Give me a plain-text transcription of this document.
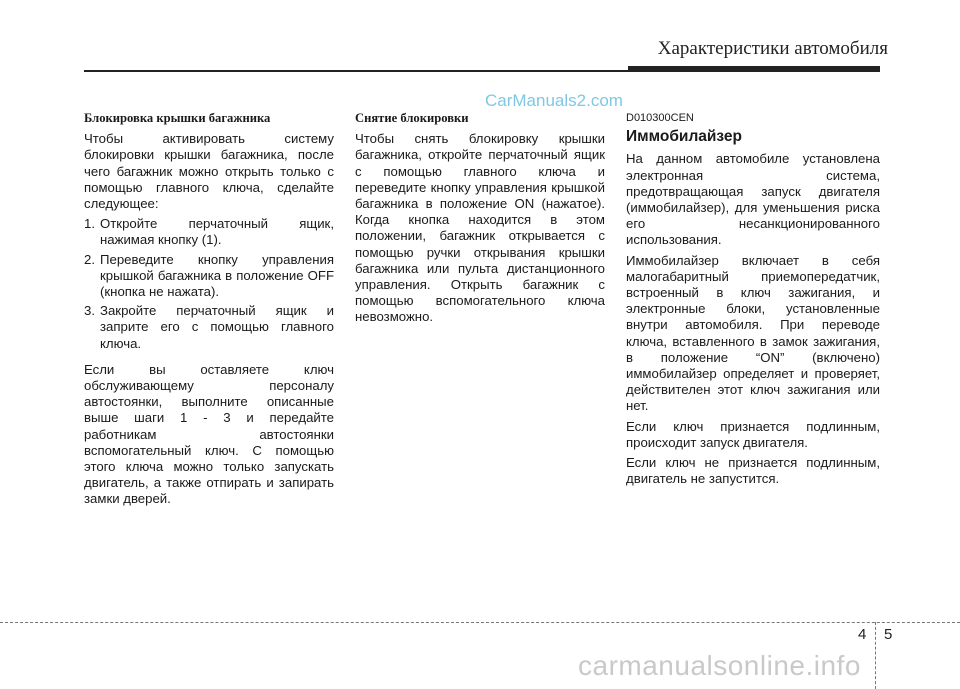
Характеристики автомобиля
CarManuals2.com
Блокировка крышки багажника

Чтобы активировать систему блокировки крышки багажника, после чего багажник можно открыть только с помощью главного ключа, сделайте следующее:

1. Откройте перчаточный ящик, нажимая кнопку (1).
2. Переведите кнопку управления крышкой багажника в положение OFF (кнопка не нажата).
3. Закройте перчаточный ящик и заприте его с помощью главного ключа.

Если вы оставляете ключ обслуживающему персоналу автостоянки, выполните описанные выше шаги 1 - 3 и передайте работникам автостоянки вспомогательный ключ. С помощью этого ключа можно только запускать двигатель, а также отпирать и запирать замки дверей.

Снятие блокировки

Чтобы снять блокировку крышки багажника, откройте перчаточный ящик с помощью главного ключа и переведите кнопку управления крышкой багажника в положение ON (нажатое). Когда кнопка находится в этом положении, багажник открывается с помощью ручки открывания крышки багажника или пульта дистанционного управления. Открыть багажник с помощью вспомогательного ключа невозможно.

D010300CEN
Иммобилайзер

На данном автомобиле установлена электронная система, предотвращающая запуск двигателя (иммобилайзер), для уменьшения риска его несанкционированного использования.

Иммобилайзер включает в себя малогабаритный приемопередатчик, встроенный в ключ зажигания, и электронные блоки, установленные внутри автомобиля. При переводе ключа, вставленного в замок зажигания, в положение “ON” (включено) иммобилайзер определяет и проверяет, действителен этот ключ зажигания или нет.

Если ключ признается подлинным, происходит запуск двигателя.

Если ключ не признается подлинным, двигатель не запустится.

4 5
carmanualsonline.info
